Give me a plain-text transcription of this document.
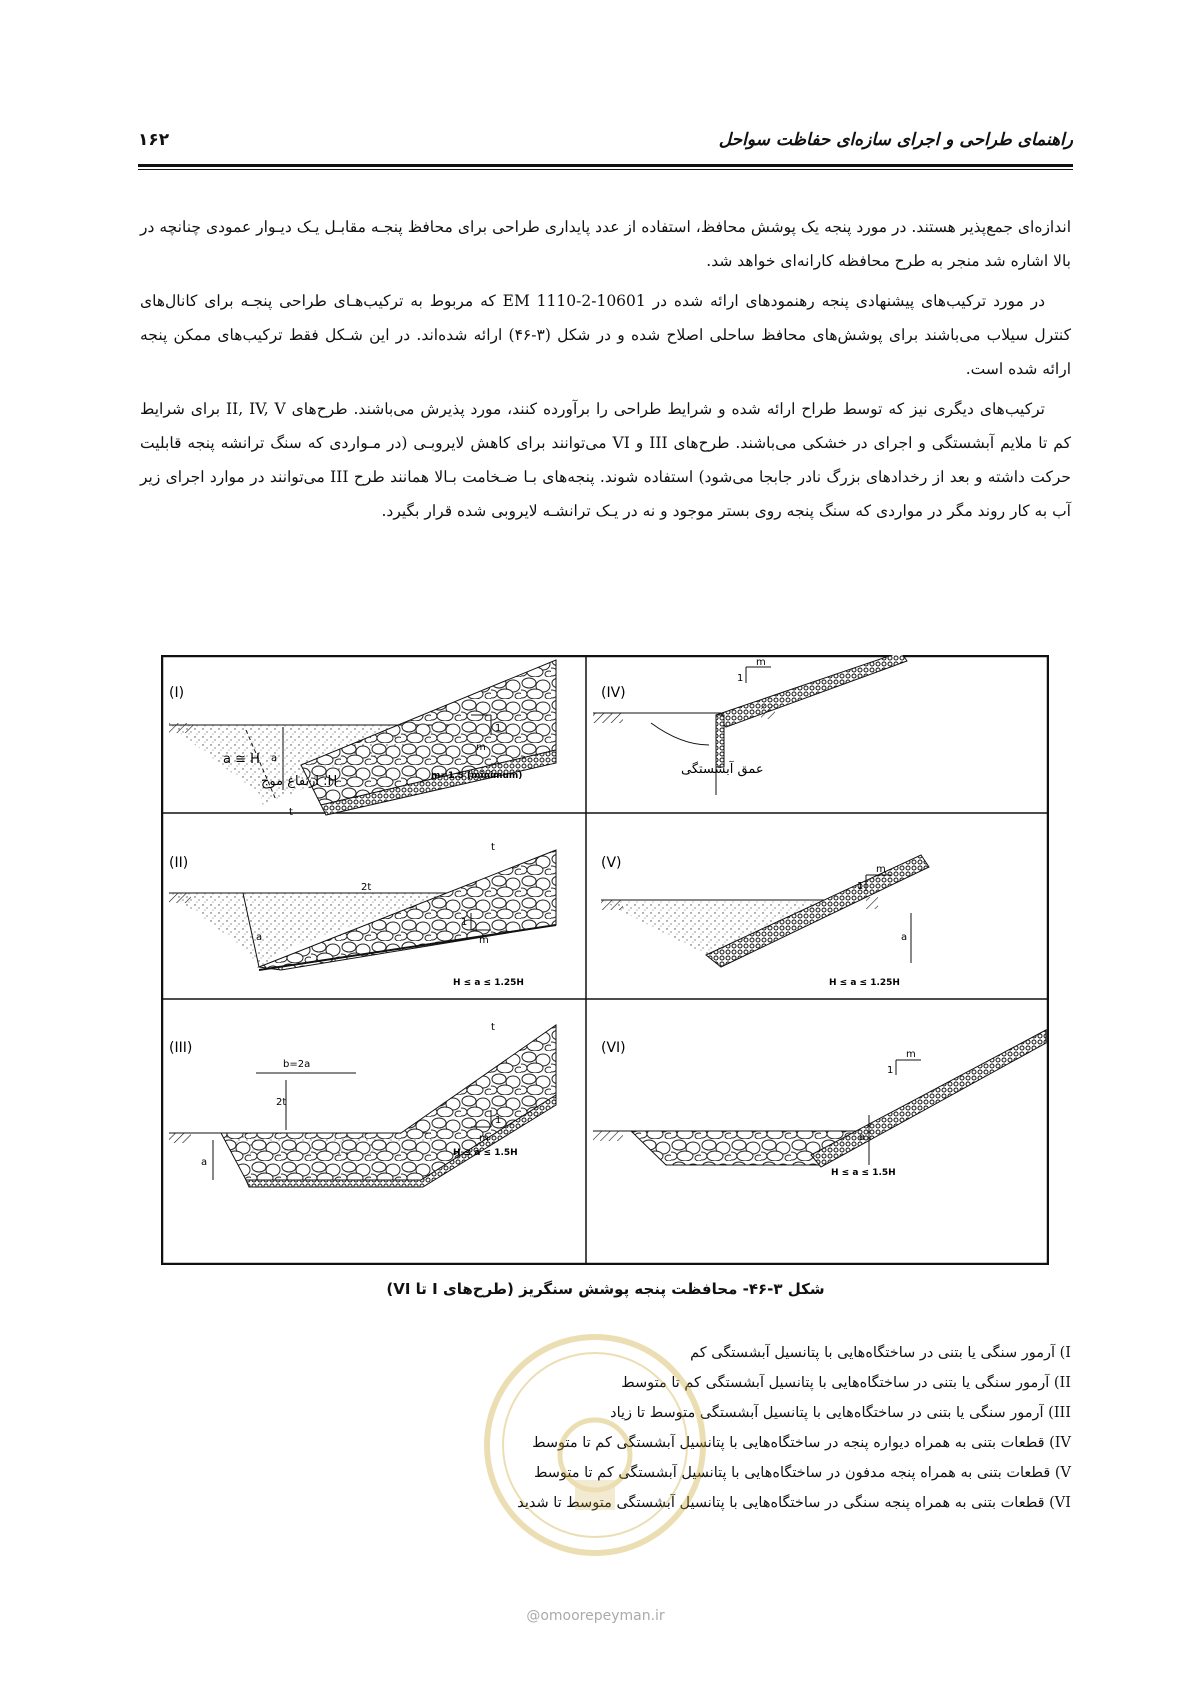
راهنمای طراحی و اجرای سازه‌ای حفاظت سواحل
۱۶۲

اندازه‌ای جمع‌پذیر هستند. در مورد پنجه یک پوشش محافظ، استفاده از عدد پایداری طراحی برای محافظ پنجـه مقابـل یـک دیـوار عمودی چنانچه در بالا اشاره شد منجر به طرح محافظه کارانه‌ای خواهد شد.

در مورد ترکیب‌های پیشنهادی پنجه رهنمودهای ارائه شده در EM 1110-2-10601 که مربوط به ترکیب‌هـای طراحی پنجـه برای کانال‌های کنترل سیلاب می‌باشند برای پوشش‌های محافظ ساحلی اصلاح شده و در شکل (۳-۴۶) ارائه شده‌اند. در این شـکل فقط ترکیب‌های ممکن پنجه ارائه شده است.

ترکیب‌های دیگری نیز که توسط طراح ارائه شده و شرایط طراحی را برآورده کنند، مورد پذیرش می‌باشند. طرح‌های II, IV, V برای شرایط کم تا ملایم آبشستگی و اجرای در خشکی می‌باشند. طرح‌های III و VI می‌توانند برای کاهش لایروبـی (در مـواردی که سنگ ترانشه پنجه قابلیت حرکت داشته و بعد از رخدادهای بزرگ نادر جابجا می‌شود) استفاده شوند. پنجه‌های بـا ضـخامت بـالا همانند طرح III می‌توانند در موارد اجرای زیر آب به کار روند مگر در مواردی که سنگ پنجه روی بستر موجود و نه در یـک ترانشـه لایروبی شده قرار بگیرد.

(I)
a
1
m
t
a ≅ H
H: ارتفاع موج	m=1.5 (minimum)
(IV)
m
1
عمق آبشستگی
(II)
a
2t
t
1
m
H ≤ a ≤ 1.25H
(V)	m
1
a
H ≤ a ≤ 1.25H
(III)
b=2a
2t
a
t
1
m
H ≤ a ≤ 1.5H
(VI)	m
1
a
H ≤ a ≤ 1.5H
شکل ۳-۴۶- محافظت پنجه پوشش سنگریز (طرح‌های I تا VI)
I) آرمور سنگی یا بتنی در ساختگاه‌هایی با پتانسیل آبشستگی کم
II) آرمور سنگی یا بتنی در ساختگاه‌هایی با پتانسیل آبشستگی کم تا متوسط
III) آرمور سنگی یا بتنی در ساختگاه‌هایی با پتانسیل آبشستگی متوسط تا زیاد
IV) قطعات بتنی به همراه دیواره پنجه در ساختگاه‌هایی با پتانسیل آبشستگی کم تا متوسط
V) قطعات بتنی به همراه پنجه مدفون در ساختگاه‌هایی با پتانسیل آبشستگی کم تا متوسط
VI) قطعات بتنی به همراه پنجه سنگی در ساختگاه‌هایی با پتانسیل آبشستگی متوسط تا شدید
@omoorepeyman.ir
